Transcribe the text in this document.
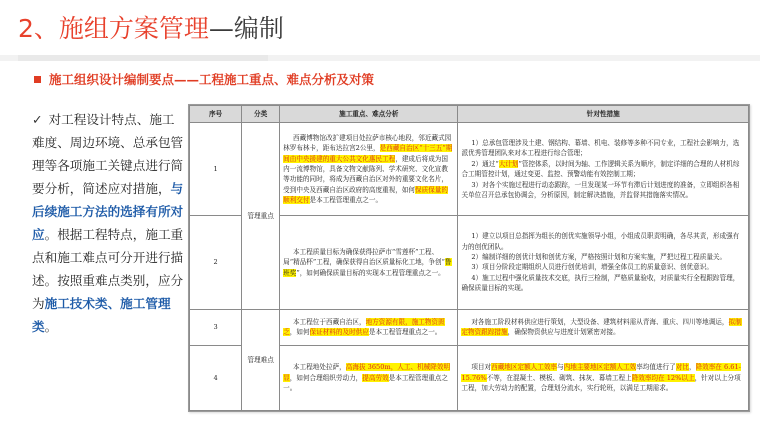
2、施组方案管理—编制
施工组织设计编制要点——工程施工重点、难点分析及对策
✓ 对工程设计特点、施工难度、周边环境、总承包管理等各项施工关键点进行简要分析，简述应对措施，与后续施工方法的选择有所对应。根据工程特点，施工重点和施工难点可分开进行描述。按照重难点类别，应分为施工技术类、施工管理类。
序号	分类	施工重点、难点分析	针对性措施
1	管理重点	西藏博物馆改扩建项目处拉萨市核心地段，邻近藏式园林罗布林卡，距布达拉宫2公里，是西藏自治区“十三五”期间由中央援建的重大公共文化惠民工程，建成后将成为国内一流博物馆，具备文物文献陈列、学术研究、文化宣教等功能的同时，将成为西藏自治区对外的重要文化名片，受到中央及西藏自治区政府的高度重视，如何保质保量的顺利交付是本工程管理重点之一。	1）总承包管理涉及土建、钢结构、幕墙、机电、装修等多种不同专业，工程社会影响力，选派优秀管理团队来对本工程进行综合管理；
2）通过“大计划”管控体系，以时间为轴、工作逻辑关系为顺序，制定详细的合理的人材机综合工期管控计划，通过变更、监控、预警动能有效控制工期；
3）对各个实施过程进行动态跟踪，一旦发现某一环节有滞后计划进度的准备，立即组织各相关单位召开总承包协调会，分析原因，制定解决措施，并监督其措施落实情况。

2		本工程质量目标为确保获得拉萨市“雪莲杯”工程、局“精品杯”工程，确保获得自治区质量标化工地，争创“鲁班奖”，如何确保质量目标的实现本工程管理重点之一。	1）建立以项目总指挥为组长的创优实施领导小组，小组成员职责明确，各尽其责，形成强有力的创优团队。
2）编制详细的创优计划和创优方案，严格按照计划和方案实施，严把过程工程质量关。
3）项目分阶段定期组织人员进行创优培训，增强全体员工的质量意识、创优意识。
4）施工过程中强化质量技术交底，执行三检制，严格质量验收，对质量实行全程跟踪管理，确保质量目标的实现。

3	管理难点	本工程位于西藏自治区，地方资源有限，施工物资匮乏，如何保证材料的及时供应是本工程管理重点之一。	对各施工阶段材料供应进行策划，大型设备、建筑材料需从青海、重庆、四川等地调运，拟制定物资跟踪措施，确保物资供应与进度计划紧密对接。

4		本工程地处拉萨，高海拔 3650m，人工、机械降效明显，如何合理组织劳动力，提高劳效是本工程管理重点之一。	项目对西藏地区定额人工效率与内地主要地区定额人工效率均值进行了对比，降效率在 6.61-15.76%不等，在混凝土、模板、砌筑、抹灰、幕墙工程上降效率均在 12%以上，针对以上分项工程，加大劳动力的配置，合理划分流水，实行轮班，以满足工期需求。
